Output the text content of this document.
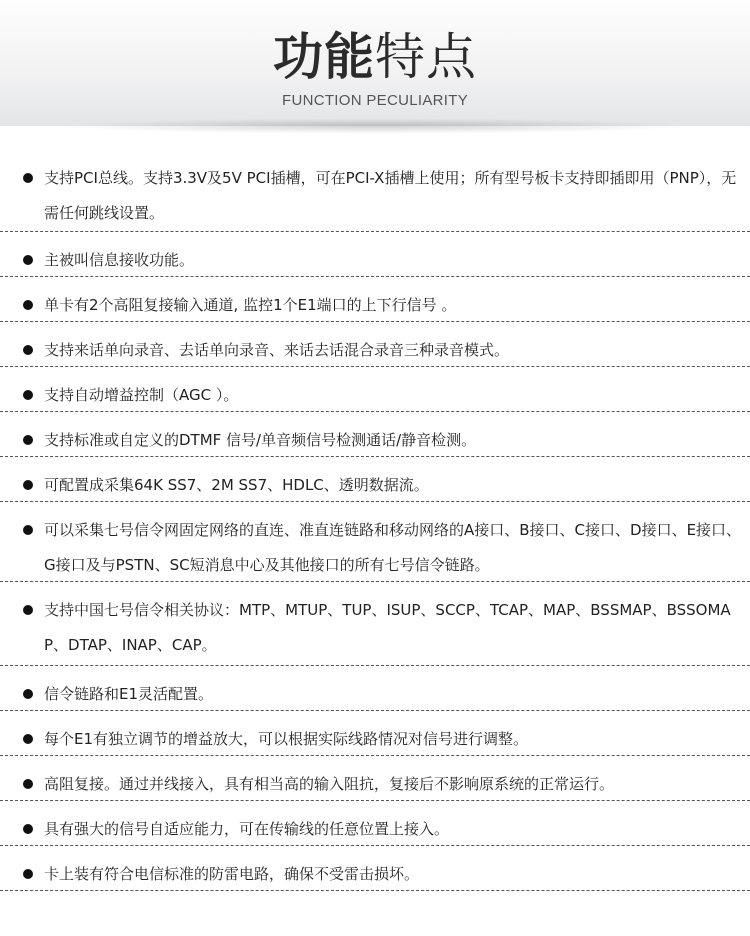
功能特点
FUNCTION PECULIARITY
支持PCI总线。支持3.3V及5V PCI插槽，可在PCI-X插槽上使用；所有型号板卡支持即插即用（PNP），无需任何跳线设置。
主被叫信息接收功能。
单卡有2个高阻复接输入通道, 监控1个E1端口的上下行信号 。
支持来话单向录音、去话单向录音、来话去话混合录音三种录音模式。
支持自动增益控制（AGC ）。
支持标准或自定义的DTMF 信号/单音频信号检测通话/静音检测。
可配置成采集64K SS7、2M SS7、HDLC、透明数据流。
可以采集七号信令网固定网络的直连、准直连链路和移动网络的A接口、B接口、C接口、D接口、E接口、G接口及与PSTN、SC短消息中心及其他接口的所有七号信令链路。
支持中国七号信令相关协议：MTP、MTUP、TUP、ISUP、SCCP、TCAP、MAP、BSSMAP、BSSOMAP、DTAP、INAP、CAP。
信令链路和E1灵活配置。
每个E1有独立调节的增益放大，可以根据实际线路情况对信号进行调整。
高阻复接。通过并线接入，具有相当高的输入阻抗，复接后不影响原系统的正常运行。
具有强大的信号自适应能力，可在传输线的任意位置上接入。
卡上装有符合电信标准的防雷电路，确保不受雷击损坏。
